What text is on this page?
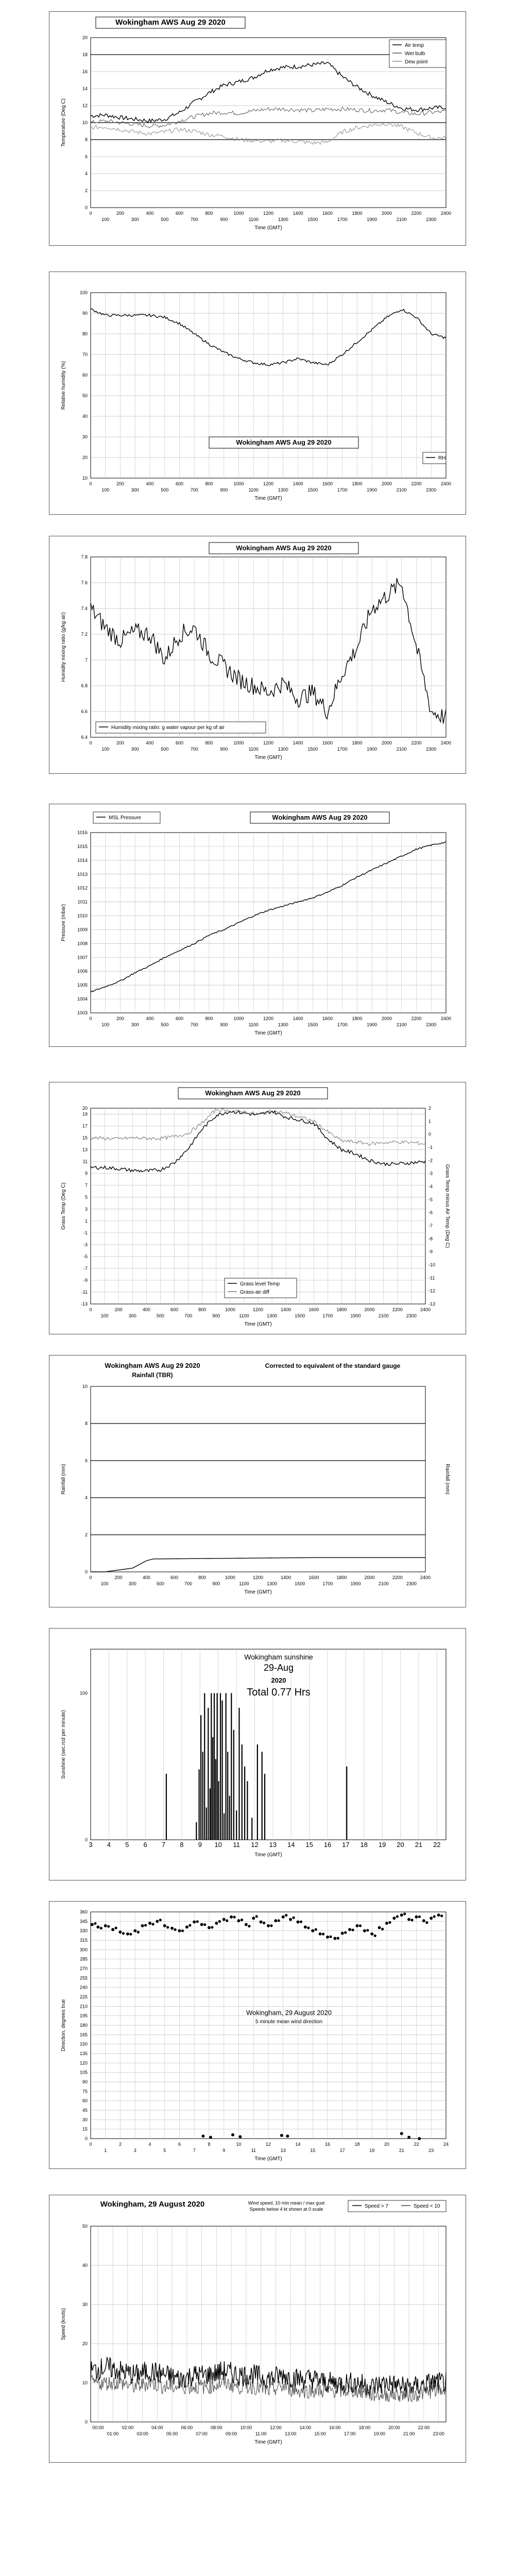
0
2
4
6
8
10
12
14
16
18
20
0
100
200
300
400
500
600
700
800
900
1000
1100
1200
1300
1400
1500
1600
1700
1800
1900
2000
2100
2200
2300
2400
Time (GMT)
Temperature (Deg C)
Wokingham AWS Aug 29 2020
Air temp
Wet bulb
Dew point
10
20
30
40
50
60
70
80
90
100
0
100
200
300
400
500
600
700
800
900
1000
1100
1200
1300
1400
1500
1600
1700
1800
1900
2000
2100
2200
2300
2400
Time (GMT)
Relative humidity (%)
Wokingham AWS Aug 29 2020
RH
6.4
6.6
6.8
7
7.2
7.4
7.6
7.8
0
100
200
300
400
500
600
700
800
900
1000
1100
1200
1300
1400
1500
1600
1700
1800
1900
2000
2100
2200
2300
2400
Time (GMT)
Humidity mixing ratio (g/kg air)
Wokingham AWS Aug 29 2020
Humidity mixing ratio: g water vapour per kg of air
1003
1004
1005
1006
1007
1008
1009
1010
1011
1012
1013
1014
1015
1016
0
100
200
300
400
500
600
700
800
900
1000
1100
1200
1300
1400
1500
1600
1700
1800
1900
2000
2100
2200
2300
2400
Time (GMT)
Pressure (mbar)
Wokingham AWS Aug 29 2020
MSL Pressure
-13
-11
-9
-7
-5
-3
-1
1
3
5
7
9
11
13
15
17
19
20
-13
-12
-11
-10
-9
-8
-7
-6
-5
-4
-3
-2
-1
0
1
2
0
100
200
300
400
500
600
700
800
900
1000
1100
1200
1300
1400
1500
1600
1700
1800
1900
2000
2100
2200
2300
2400
Time (GMT)
Grass Temp (Deg C)	Grass Temp minus Air Temp (Deg C)
Wokingham AWS Aug 29 2020
Grass level Temp
Grass-air diff
0
2
4
6
8
10
0
100
200
300
400
500
600
700
800
900
1000
1100
1200
1300
1400
1500
1600
1700
1800
1900
2000
2100
2200
2300
2400
Time (GMT)
Rainfall (mm)	Rainfall (mm)
Wokingham AWS Aug 29 2020
Rainfall (TBR)
Corrected to equivalent of the standard gauge
0
100
3 4 5 6 7 8 9 10 11 12 13 14 15 16 17 18 19 20 21 22
Time (GMT)
Sunshine (sec.rcd per minute)
Wokingham sunshine
29-Aug
2020
Total 0.77 Hrs
0
15
30
45
60
75
90
105
120
135
150
165
180
195
210
225
240
255
270
285
300
315
330
345
360
0
1
2
3
4
5
6
7
8
9
10
11
12
13
14
15
16
17
18
19
20
21
22
23
24
Time (GMT)
Direction, degrees true	Wokingham, 29 August 2020
5 minute mean wind direction
0
10
20
30
40
50
00:00
01:00
02:00
03:00
04:00
05:00
06:00
07:00
08:00
09:00
10:00
11:00
12:00
13:00
14:00
15:00
16:00
17:00
18:00
19:00
20:00
21:00
22:00
23:00
Time (GMT)
Speed (knots)
Wokingham, 29 August 2020	Wind speed, 10 min mean / max gust
Speeds below 4 kt shown at 0 scale	Speed > 7	Speed < 10
